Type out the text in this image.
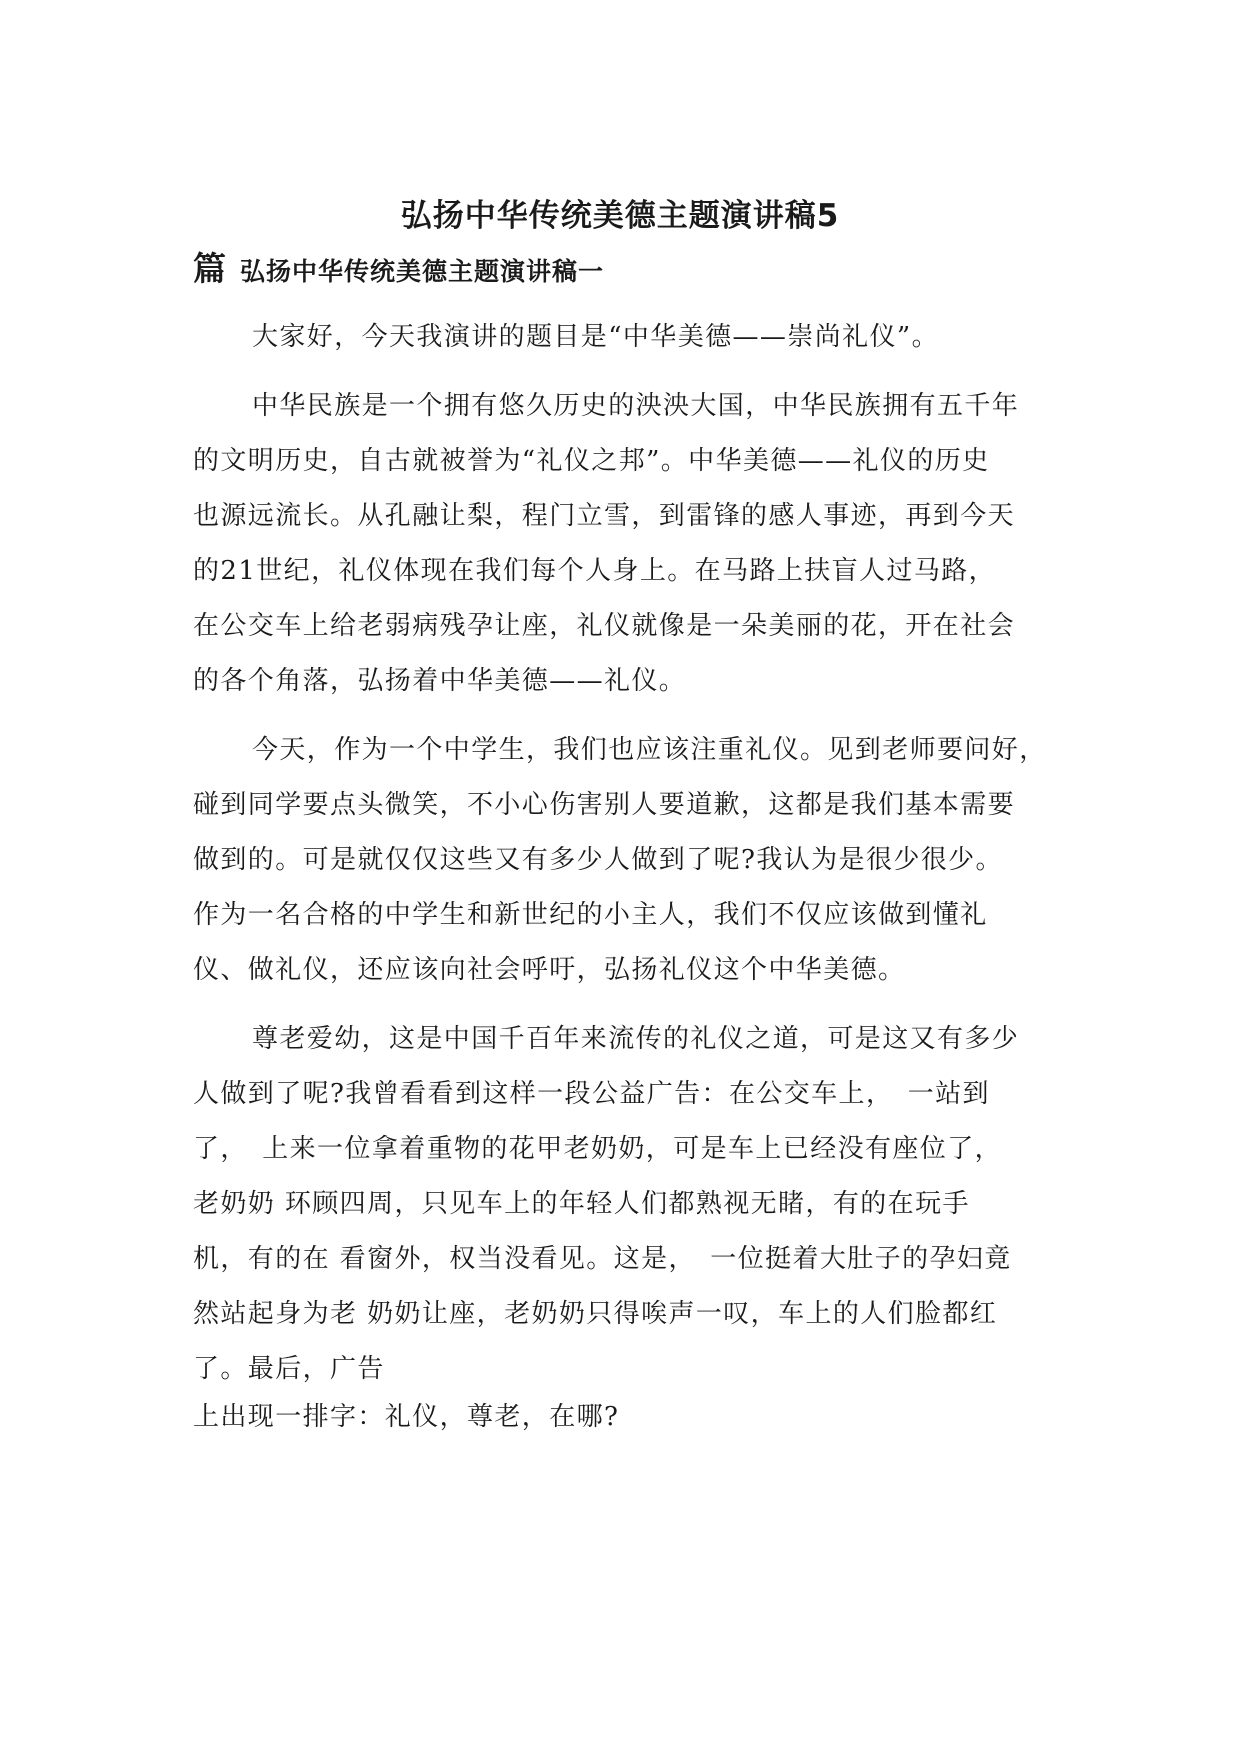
弘扬中华传统美德主题演讲稿5
篇 弘扬中华传统美德主题演讲稿一
大家好，今天我演讲的题目是“中华美德——崇尚礼仪”。
中华民族是一个拥有悠久历史的泱泱大国，中华民族拥有五千年
的文明历史，自古就被誉为“礼仪之邦”。中华美德——礼仪的历史
也源远流长。从孔融让梨，程门立雪，到雷锋的感人事迹，再到今天
的21世纪，礼仪体现在我们每个人身上。在马路上扶盲人过马路，
在公交车上给老弱病残孕让座，礼仪就像是一朵美丽的花，开在社会
的各个角落，弘扬着中华美德——礼仪。
今天，作为一个中学生，我们也应该注重礼仪。见到老师要问好，
碰到同学要点头微笑，不小心伤害别人要道歉，这都是我们基本需要
做到的。可是就仅仅这些又有多少人做到了呢?我认为是很少很少。
作为一名合格的中学生和新世纪的小主人，我们不仅应该做到懂礼
仪、做礼仪，还应该向社会呼吁，弘扬礼仪这个中华美德。
尊老爱幼，这是中国千百年来流传的礼仪之道，可是这又有多少
人做到了呢?我曾看看到这样一段公益广告：在公交车上，　一站到
了，　上来一位拿着重物的花甲老奶奶，可是车上已经没有座位了，
老奶奶 环顾四周，只见车上的年轻人们都熟视无睹，有的在玩手
机，有的在 看窗外，权当没看见。这是，　一位挺着大肚子的孕妇竟
然站起身为老 奶奶让座，老奶奶只得唉声一叹，车上的人们脸都红
了。最后，广告
上出现一排字：礼仪，尊老，在哪?
